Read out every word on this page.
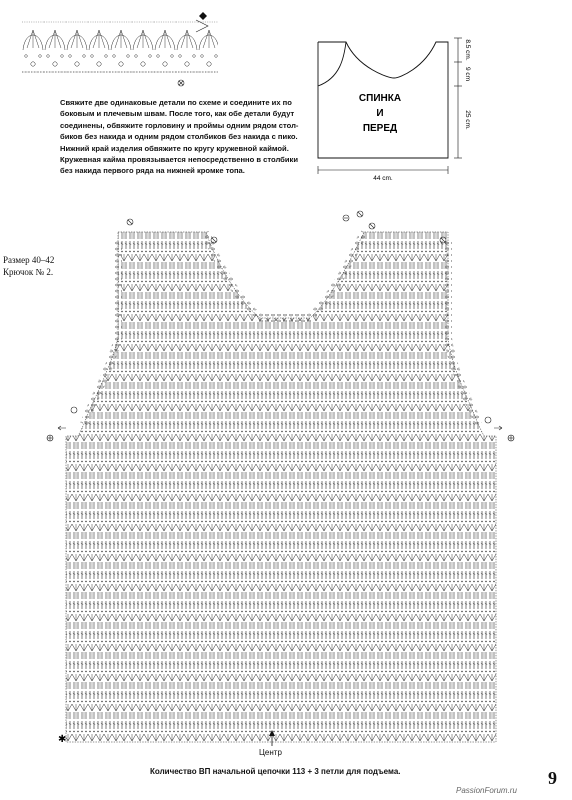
Свяжите две одинаковые детали по схеме и соедините их по

боковым и плечевым швам. После того, как обе детали будут

соединены, обвяжите горловину и проймы одним рядом стол-

биков без накида и одним рядом столбиков без накида с пико.

Нижний край изделия обвяжите по кругу кружевной каймой.

Кружевная кайма провязывается непосредственно в столбики

без накида первого ряда на нижней кромке топа.

Размер 40–42
Крючок № 2.
СПИНКА
И
ПЕРЕД
44 cm.
8.5 cm.
9 cm
25 cm.
✱
Центр
Количество ВП начальной цепочки 113 + 3 петли для подъема.	9
PassionForum.ru
